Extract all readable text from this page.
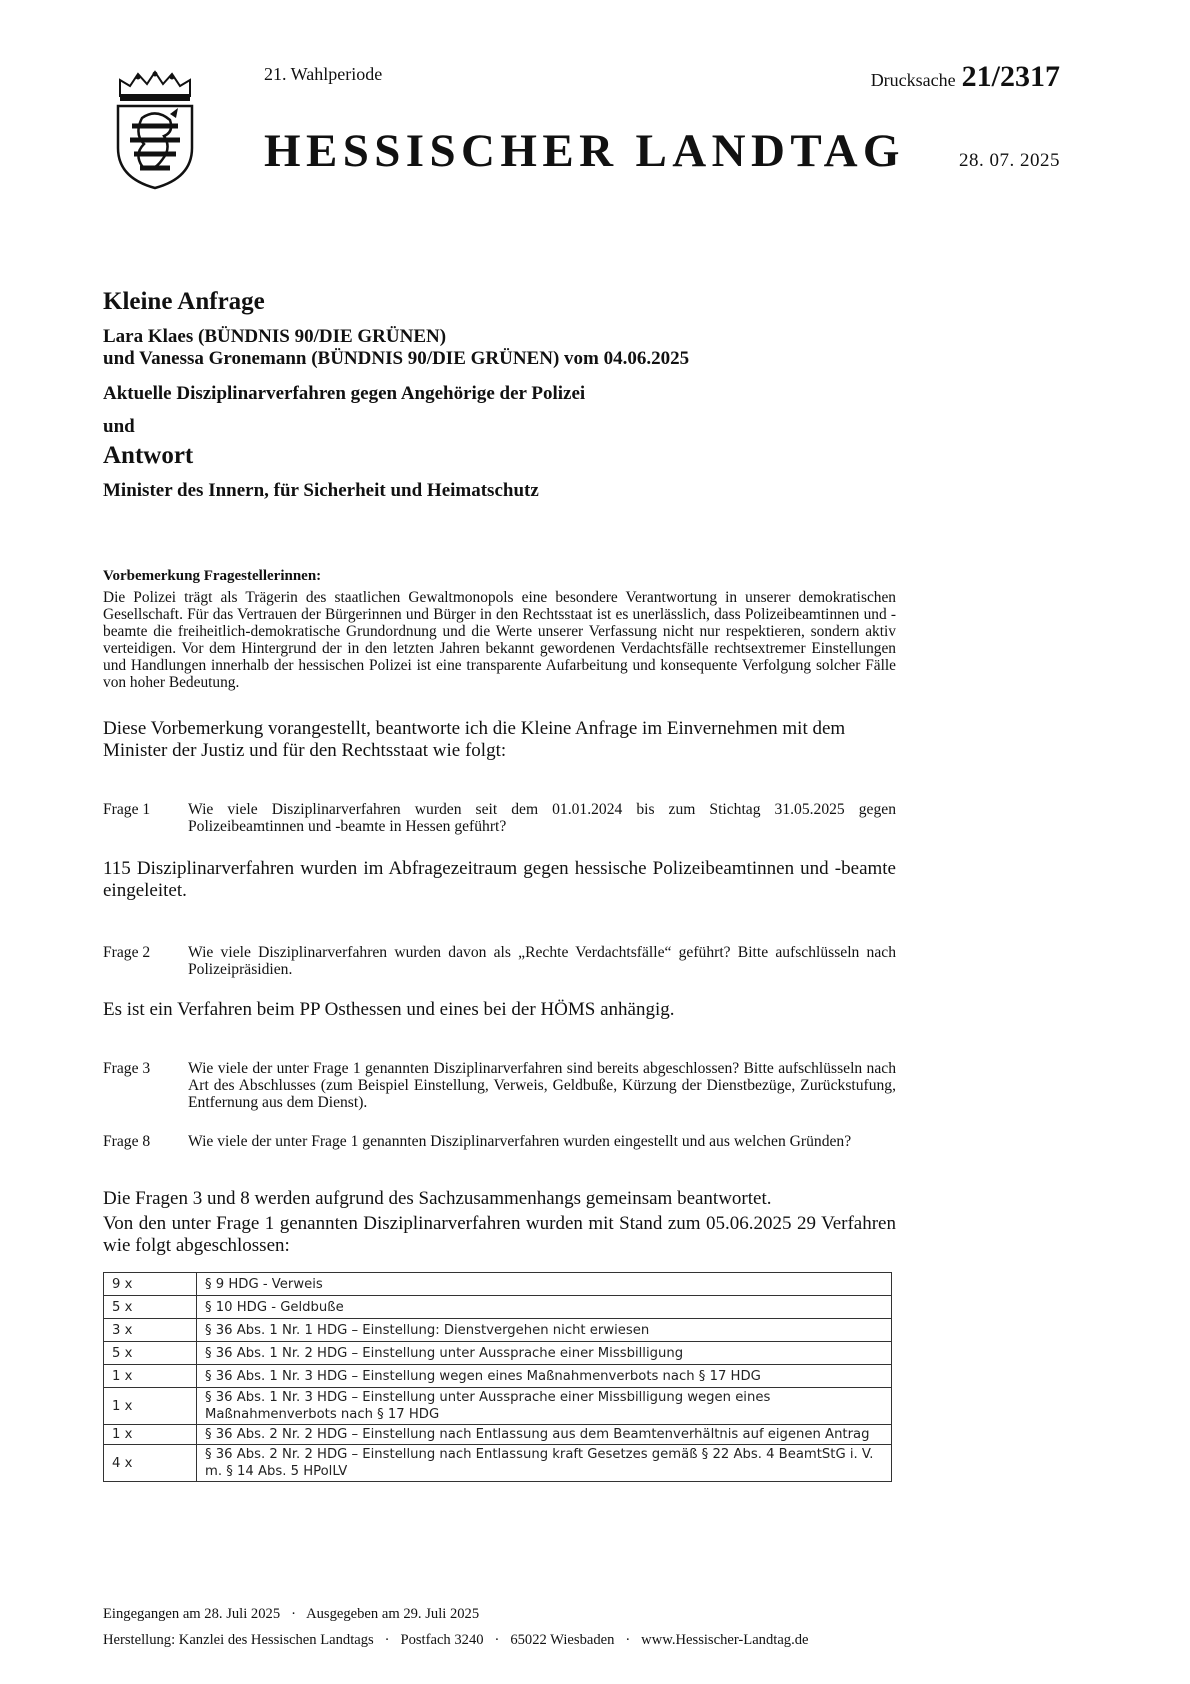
21. Wahlperiode	Drucksache 21/2317
HESSISCHER LANDTAG	28. 07. 2025
Kleine Anfrage
Lara Klaes (BÜNDNIS 90/DIE GRÜNEN)
und Vanessa Gronemann (BÜNDNIS 90/DIE GRÜNEN) vom 04.06.2025
Aktuelle Disziplinarverfahren gegen Angehörige der Polizei
und
Antwort
Minister des Innern, für Sicherheit und Heimatschutz
Vorbemerkung Fragestellerinnen:
Die Polizei trägt als Trägerin des staatlichen Gewaltmonopols eine besondere Verantwortung in unserer demokratischen Gesellschaft. Für das Vertrauen der Bürgerinnen und Bürger in den Rechtsstaat ist es unerlässlich, dass Polizeibeamtinnen und -beamte die freiheitlich-demokratische Grundordnung und die Werte unserer Verfassung nicht nur respektieren, sondern aktiv verteidigen. Vor dem Hintergrund der in den letzten Jahren bekannt gewordenen Verdachtsfälle rechtsextremer Einstellungen und Handlungen innerhalb der hessischen Polizei ist eine transparente Aufarbeitung und konsequente Verfolgung solcher Fälle von hoher Bedeutung.
Diese Vorbemerkung vorangestellt, beantworte ich die Kleine Anfrage im Einvernehmen mit dem Minister der Justiz und für den Rechtsstaat wie folgt:
Frage 1	Wie viele Disziplinarverfahren wurden seit dem 01.01.2024 bis zum Stichtag 31.05.2025 gegen Polizeibeamtinnen und -beamte in Hessen geführt?
115 Disziplinarverfahren wurden im Abfragezeitraum gegen hessische Polizeibeamtinnen und -beamte eingeleitet.
Frage 2	Wie viele Disziplinarverfahren wurden davon als „Rechte Verdachtsfälle“ geführt? Bitte aufschlüsseln nach Polizeipräsidien.
Es ist ein Verfahren beim PP Osthessen und eines bei der HÖMS anhängig.
Frage 3	Wie viele der unter Frage 1 genannten Disziplinarverfahren sind bereits abgeschlossen? Bitte aufschlüsseln nach Art des Abschlusses (zum Beispiel Einstellung, Verweis, Geldbuße, Kürzung der Dienstbezüge, Zurückstufung, Entfernung aus dem Dienst).
Frage 8	Wie viele der unter Frage 1 genannten Disziplinarverfahren wurden eingestellt und aus welchen Gründen?
Die Fragen 3 und 8 werden aufgrund des Sachzusammenhangs gemeinsam beantwortet.
Von den unter Frage 1 genannten Disziplinarverfahren wurden mit Stand zum 05.06.2025 29 Verfahren wie folgt abgeschlossen:
9 x	§ 9 HDG - Verweis
5 x	§ 10 HDG - Geldbuße
3 x	§ 36 Abs. 1 Nr. 1 HDG – Einstellung: Dienstvergehen nicht erwiesen
5 x	§ 36 Abs. 1 Nr. 2 HDG – Einstellung unter Aussprache einer Missbilligung
1 x	§ 36 Abs. 1 Nr. 3 HDG – Einstellung wegen eines Maßnahmenverbots nach § 17 HDG
1 x	§ 36 Abs. 1 Nr. 3 HDG – Einstellung unter Aussprache einer Missbilligung wegen eines Maßnahmenverbots nach § 17 HDG
1 x	§ 36 Abs. 2 Nr. 2 HDG – Einstellung nach Entlassung aus dem Beamtenverhältnis auf eigenen Antrag
4 x	§ 36 Abs. 2 Nr. 2 HDG – Einstellung nach Entlassung kraft Gesetzes gemäß § 22 Abs. 4 BeamtStG i. V. m. § 14 Abs. 5 HPolLV
Eingegangen am 28. Juli 2025   ·   Ausgegeben am 29. Juli 2025
Herstellung: Kanzlei des Hessischen Landtags   ·   Postfach 3240   ·   65022 Wiesbaden   ·   www.Hessischer-Landtag.de
